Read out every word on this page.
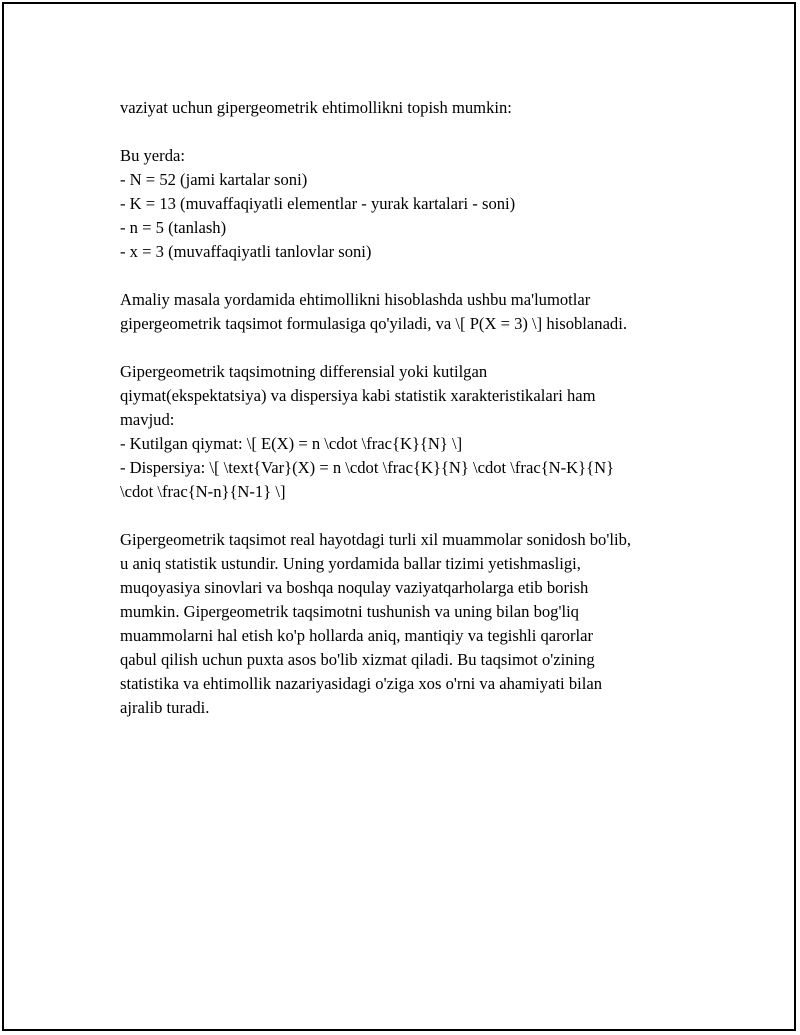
vaziyat uchun gipergeometrik ehtimollikni topish mumkin:
Bu yerda:
- N = 52 (jami kartalar soni)
- K = 13 (muvaffaqiyatli elementlar - yurak kartalari - soni)
- n = 5 (tanlash)
- x = 3 (muvaffaqiyatli tanlovlar soni)
Amaliy masala yordamida ehtimollikni hisoblashda ushbu ma'lumotlar
gipergeometrik taqsimot formulasiga qo'yiladi, va \[ P(X = 3) \] hisoblanadi.
Gipergeometrik taqsimotning differensial yoki kutilgan
qiymat(ekspektatsiya) va dispersiya kabi statistik xarakteristikalari ham
mavjud:
- Kutilgan qiymat: \[ E(X) = n \cdot \frac{K}{N} \]
- Dispersiya: \[ \text{Var}(X) = n \cdot \frac{K}{N} \cdot \frac{N-K}{N}
\cdot \frac{N-n}{N-1} \]
Gipergeometrik taqsimot real hayotdagi turli xil muammolar sonidosh bo'lib,
u aniq statistik ustundir. Uning yordamida ballar tizimi yetishmasligi,
muqoyasiya sinovlari va boshqa noqulay vaziyatqarholarga etib borish
mumkin. Gipergeometrik taqsimotni tushunish va uning bilan bog'liq
muammolarni hal etish ko'p hollarda aniq, mantiqiy va tegishli qarorlar
qabul qilish uchun puxta asos bo'lib xizmat qiladi. Bu taqsimot o'zining
statistika va ehtimollik nazariyasidagi o'ziga xos o'rni va ahamiyati bilan
ajralib turadi.
